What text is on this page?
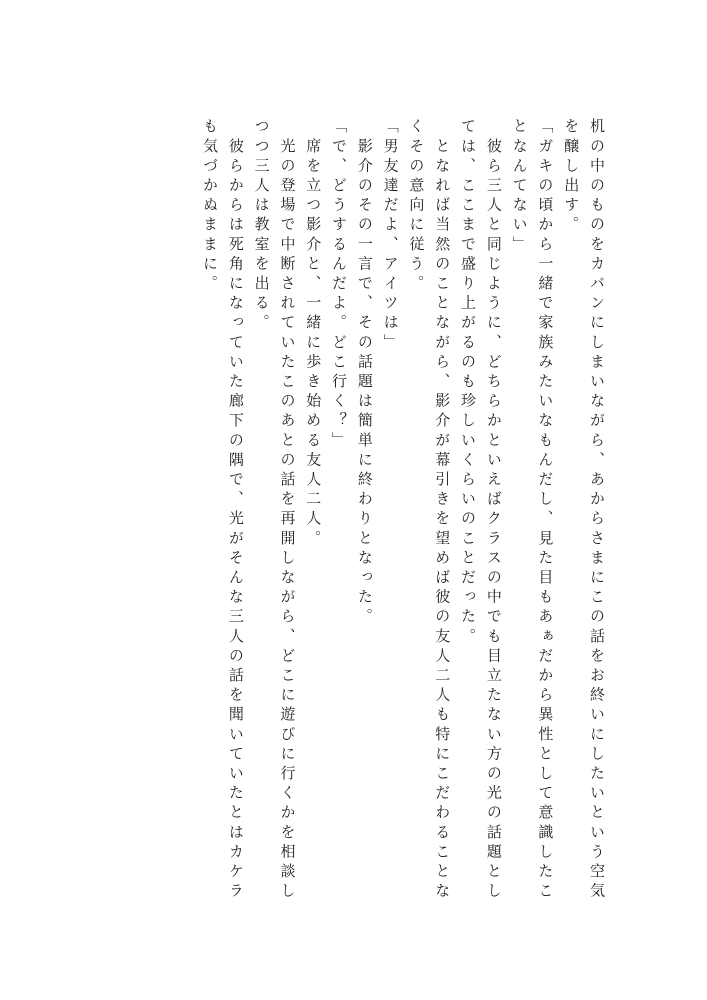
机の中のものをカバンにしまいながら、あからさまにこの話をお終いにしたいという空気を醸し出す。

「ガキの頃から一緒で家族みたいなもんだし、見た目もあぁだから異性として意識したことなんてない」

　彼ら三人と同じように、どちらかといえばクラスの中でも目立たない方の光の話題としては、ここまで盛り上がるのも珍しいくらいのことだった。

　となれば当然のことながら、影介が幕引きを望めば彼の友人二人も特にこだわることなくその意向に従う。

「男友達だよ、アイツは」

　影介のその一言で、その話題は簡単に終わりとなった。

「で、どうするんだよ。どこ行く？」

　席を立つ影介と、一緒に歩き始める友人二人。

　光の登場で中断されていたこのあとの話を再開しながら、どこに遊びに行くかを相談しつつ三人は教室を出る。

　彼らからは死角になっていた廊下の隅で、光がそんな三人の話を聞いていたとはカケラも気づかぬままに。
